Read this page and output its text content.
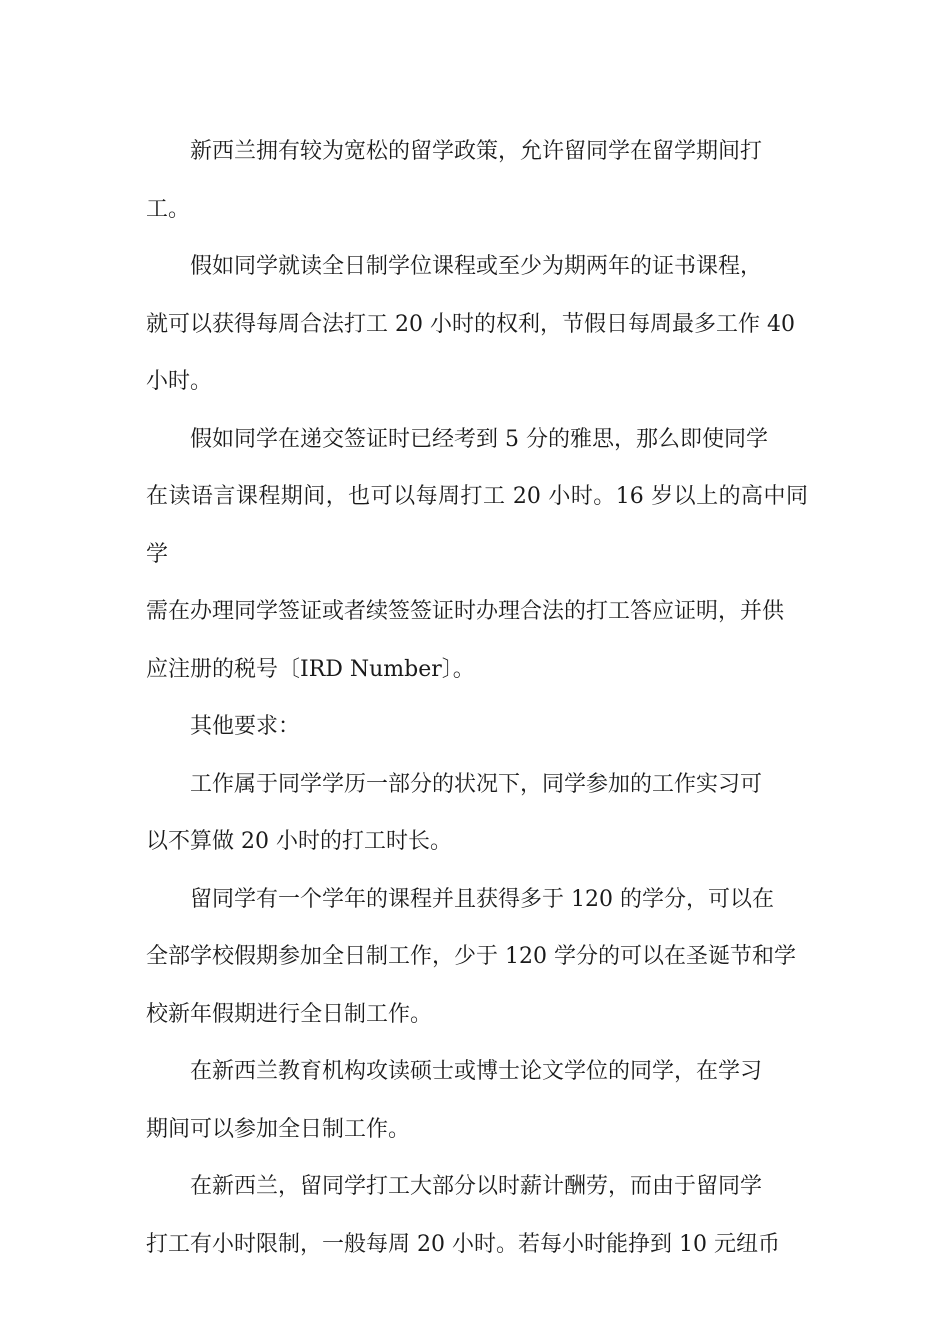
新西兰拥有较为宽松的留学政策，允许留同学在留学期间打
工。

假如同学就读全日制学位课程或至少为期两年的证书课程，
就可以获得每周合法打工 20 小时的权利，节假日每周最多工作 40
小时。

假如同学在递交签证时已经考到 5 分的雅思，那么即使同学
在读语言课程期间，也可以每周打工 20 小时。16 岁以上的高中同学
需在办理同学签证或者续签签证时办理合法的打工答应证明，并供
应注册的税号〔IRD Number〕。

其他要求：

工作属于同学学历一部分的状况下，同学参加的工作实习可
以不算做 20 小时的打工时长。

留同学有一个学年的课程并且获得多于 120 的学分，可以在
全部学校假期参加全日制工作，少于 120 学分的可以在圣诞节和学
校新年假期进行全日制工作。

在新西兰教育机构攻读硕士或博士论文学位的同学，在学习
期间可以参加全日制工作。

在新西兰，留同学打工大部分以时薪计酬劳，而由于留同学
打工有小时限制，一般每周 20 小时。若每小时能挣到 10 元纽币
